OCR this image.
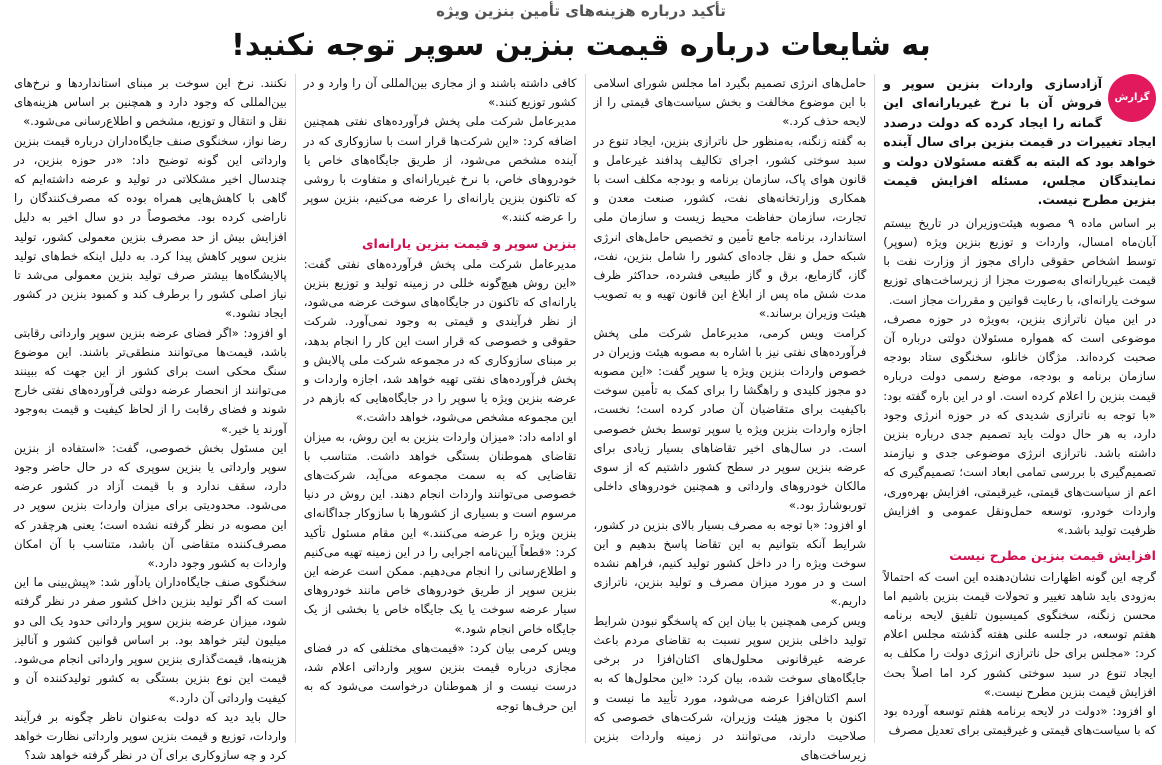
تأکید درباره هزینه‌های تأمین بنزین ویژه
به شایعات درباره قیمت بنزین سوپر توجه نکنید!
گزارش

آزادسازی واردات بنزین سوپر و فروش آن با نرخ غیریارانه‌ای این گمانه را ایجاد کرده که دولت درصدد ایجاد تغییرات در قیمت بنزین برای سال آینده خواهد بود که البته به گفته مسئولان دولت و نمایندگان مجلس، مسئله افزایش قیمت بنزین مطرح نیست.

بر اساس ماده ۹ مصوبه هیئت‌وزیران در تاریخ بیستم آبان‌ماه امسال، واردات و توزیع بنزین ویژه (سوپر) توسط اشخاص حقوقی دارای مجوز از وزارت نفت با قیمت غیریارانه‌ای به‌صورت مجزا از زیرساخت‌های توزیع سوخت یارانه‌ای، با رعایت قوانین و مقررات مجاز است.

در این میان ناترازی بنزین، به‌ویژه در حوزه مصرف، موضوعی است که همواره مسئولان دولتی درباره آن صحبت کرده‌اند. مژگان خانلو، سخنگوی ستاد بودجه سازمان برنامه و بودجه، موضع رسمی دولت درباره قیمت بنزین را اعلام کرده است. او در این باره گفته بود: «با توجه به ناترازی شدیدی که در حوزه انرژی وجود دارد، به هر حال دولت باید تصمیم جدی درباره بنزین داشته باشد. ناترازی انرژی موضوعی جدی و نیازمند تصمیم‌گیری با بررسی تمامی ابعاد است؛ تصمیم‌گیری که اعم از سیاست‌های قیمتی، غیرقیمتی، افزایش بهره‌وری، واردات خودرو، توسعه حمل‌ونقل عمومی و افزایش ظرفیت تولید باشد.»

افزایش قیمت بنزین مطرح نیست

گرچه این گونه اظهارات نشان‌دهنده این است که احتمالاً به‌زودی باید شاهد تغییر و تحولات قیمت بنزین باشیم اما محسن زنگنه، سخنگوی کمیسیون تلفیق لایحه برنامه هفتم توسعه، در جلسه علنی هفته گذشته مجلس اعلام کرد: «مجلس برای حل ناترازی انرژی دولت را مکلف به ایجاد تنوع در سبد سوختی کشور کرد اما اصلاً بحث افزایش قیمت بنزین مطرح نیست.»

او افزود: «دولت در لایحه برنامه هفتم توسعه آورده بود که با سیاست‌های قیمتی و غیرقیمتی برای تعدیل مصرف

حامل‌های انرژی تصمیم بگیرد اما مجلس شورای اسلامی با این موضوع مخالفت و بخش سیاست‌های قیمتی را از لایحه حذف کرد.»

به گفته زنگنه، به‌منظور حل ناترازی بنزین، ایجاد تنوع در سبد سوختی کشور، اجرای تکالیف پدافند غیرعامل و قانون هوای پاک، سازمان برنامه و بودجه مکلف است با همکاری وزارتخانه‌های نفت، کشور، صنعت معدن و تجارت، سازمان حفاظت محیط زیست و سازمان ملی استاندارد، برنامه جامع تأمین و تخصیص حامل‌های انرژی شبکه حمل و نقل جاده‌ای کشور را شامل بنزین، نفت، گاز، گازمایع، برق و گاز طبیعی فشرده، حداکثر ظرف مدت شش ماه پس از ابلاغ این قانون تهیه و به تصویب هیئت وزیران برساند.»

کرامت ویس کرمی، مدیرعامل شرکت ملی پخش فرآورده‌های نفتی نیز با اشاره به مصوبه هیئت وزیران در خصوص واردات بنزین ویژه یا سوپر گفت: «این مصوبه دو مجوز کلیدی و راهگشا را برای کمک به تأمین سوخت باکیفیت برای متقاضیان آن صادر کرده است؛ نخست، اجازه واردات بنزین ویژه یا سوپر توسط بخش خصوصی است. در سال‌های اخیر تقاضاهای بسیار زیادی برای عرضه بنزین سوپر در سطح کشور داشتیم که از سوی مالکان خودروهای وارداتی و همچنین خودروهای داخلی توربوشارژ بود.»

او افزود: «با توجه به مصرف بسیار بالای بنزین در کشور، شرایط آنکه بتوانیم به این تقاضا پاسخ بدهیم و این سوخت ویژه را در داخل کشور تولید کنیم، فراهم نشده است و در مورد میزان مصرف و تولید بنزین، ناترازی داریم.»

ویس کرمی همچنین با بیان این که پاسخگو نبودن شرایط تولید داخلی بنزین سوپر نسبت به تقاضای مردم باعث عرضه غیرقانونی محلول‌های اکتان‌افزا در برخی جایگاه‌های سوخت شده، بیان کرد: «این محلول‌ها که به اسم اکتان‌افزا عرضه می‌شود، مورد تأیید ما نیست و اکنون با مجوز هیئت وزیران، شرکت‌های خصوصی که صلاحیت دارند، می‌توانند در زمینه واردات بنزین زیرساخت‌های

کافی داشته باشند و از مجاری بین‌المللی آن را وارد و در کشور توزیع کنند.»

مدیرعامل شرکت ملی پخش فرآورده‌های نفتی همچنین اضافه کرد: «این شرکت‌ها قرار است با سازوکاری که در آینده مشخص می‌شود، از طریق جایگاه‌های خاص یا خودروهای خاص، با نرخ غیریارانه‌ای و متفاوت با روشی که تاکنون بنزین یارانه‌ای را عرضه می‌کنیم، بنزین سوپر را عرضه کنند.»

بنزین سوپر و قیمت بنزین یارانه‌ای

مدیرعامل شرکت ملی پخش فرآورده‌های نفتی گفت: «این روش هیچ‌گونه خللی در زمینه تولید و توزیع بنزین یارانه‌ای که تاکنون در جایگاه‌های سوخت عرضه می‌شود، از نظر فرآیندی و قیمتی به وجود نمی‌آورد. شرکت حقوقی و خصوصی که قرار است این کار را انجام بدهد، بر مبنای سازوکاری که در مجموعه شرکت ملی پالایش و پخش فرآورده‌های نفتی تهیه خواهد شد، اجازه واردات و عرضه بنزین ویژه یا سوپر را در جایگاه‌هایی که بازهم در این مجموعه مشخص می‌شود، خواهد داشت.»

او ادامه داد: «میزان واردات بنزین به این روش، به میزان تقاضای هموطنان بستگی خواهد داشت. متناسب با تقاضایی که به سمت مجموعه می‌آید، شرکت‌های خصوصی می‌توانند واردات انجام دهند. این روش در دنیا مرسوم است و بسیاری از کشورها با سازوکار جداگانه‌ای بنزین ویژه را عرضه می‌کنند.» این مقام مسئول تأکید کرد: «قطعاً آیین‌نامه اجرایی را در این زمینه تهیه می‌کنیم و اطلاع‌رسانی را انجام می‌دهیم. ممکن است عرضه این بنزین سوپر از طریق خودروهای خاص مانند خودروهای سیار عرضه سوخت یا یک جایگاه خاص یا بخشی از یک جایگاه خاص انجام شود.»

ویس کرمی بیان کرد: «قیمت‌های مختلفی که در فضای مجازی درباره قیمت بنزین سوپر وارداتی اعلام شد، درست نیست و از هموطنان درخواست می‌شود که به این حرف‌ها توجه

نکنند. نرخ این سوخت بر مبنای استانداردها و نرخ‌های بین‌المللی که وجود دارد و همچنین بر اساس هزینه‌های نقل و انتقال و توزیع، مشخص و اطلاع‌رسانی می‌شود.»

رضا نواز، سخنگوی صنف جایگاه‌داران درباره قیمت بنزین وارداتی این گونه توضیح داد: «در حوزه بنزین، در چندسال اخیر مشکلاتی در تولید و عرضه داشته‌ایم که گاهی با کاهش‌هایی همراه بوده که مصرف‌کنندگان را ناراضی کرده بود. مخصوصاً در دو سال اخیر به دلیل افزایش بیش از حد مصرف بنزین معمولی کشور، تولید بنزین سوپر کاهش پیدا کرد. به دلیل اینکه خط‌های تولید پالایشگاه‌ها بیشتر صرف تولید بنزین معمولی می‌شد تا نیاز اصلی کشور را برطرف کند و کمبود بنزین در کشور ایجاد نشود.»

او افزود: «اگر فضای عرضه بنزین سوپر وارداتی رقابتی باشد، قیمت‌ها می‌توانند منطقی‌تر باشند. این موضوع سنگ محکی است برای کشور از این جهت که ببینند می‌توانند از انحصار عرضه دولتی فرآورده‌های نفتی خارج شوند و فضای رقابت را از لحاظ کیفیت و قیمت به‌وجود آورند یا خیر.»

این مسئول بخش خصوصی، گفت: «استفاده از بنزین سوپر وارداتی یا بنزین سوپری که در حال حاضر وجود دارد، سقف ندارد و با قیمت آزاد در کشور عرضه می‌شود. محدودیتی برای میزان واردات بنزین سوپر در این مصوبه در نظر گرفته نشده است؛ یعنی هرچقدر که مصرف‌کننده متقاضی آن باشد، متناسب با آن امکان واردات به کشور وجود دارد.»

سخنگوی صنف جایگاه‌داران یادآور شد: «پیش‌بینی ما این است که اگر تولید بنزین داخل کشور صفر در نظر گرفته شود، میزان عرضه بنزین سوپر وارداتی حدود یک الی دو میلیون لیتر خواهد بود. بر اساس قوانین کشور و آنالیز هزینه‌ها، قیمت‌گذاری بنزین سوپر وارداتی انجام می‌شود. قیمت این نوع بنزین بستگی به کشور تولیدکننده آن و کیفیت وارداتی آن دارد.»

حال باید دید که دولت به‌عنوان ناظر چگونه بر فرآیند واردات، توزیع و قیمت بنزین سوپر وارداتی نظارت خواهد کرد و چه سازوکاری برای آن در نظر گرفته خواهد شد؟
